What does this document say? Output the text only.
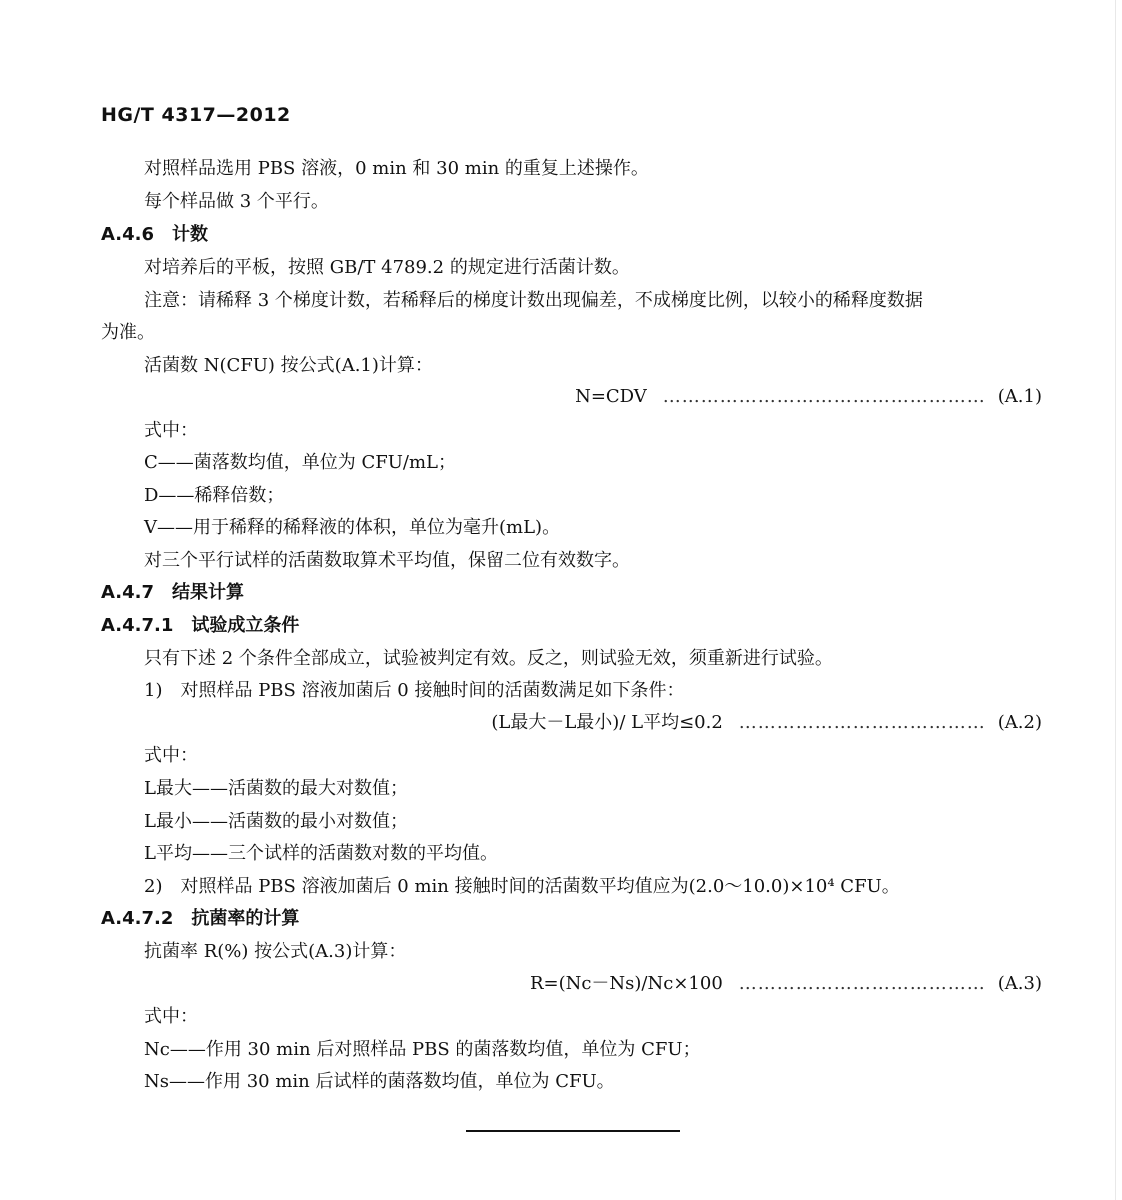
HG/T 4317—2012
对照样品选用 PBS 溶液，0 min 和 30 min 的重复上述操作。
每个样品做 3 个平行。
A.4.6 计数
对培养后的平板，按照 GB/T 4789.2 的规定进行活菌计数。
注意：请稀释 3 个梯度计数，若稀释后的梯度计数出现偏差，不成梯度比例，以较小的稀释度数据
为准。
活菌数 N(CFU) 按公式(A.1)计算：
N=CDV …………………………………………… (A.1)
式中：
C——菌落数均值，单位为 CFU/mL；
D——稀释倍数；
V——用于稀释的稀释液的体积，单位为毫升(mL)。
对三个平行试样的活菌数取算术平均值，保留二位有效数字。
A.4.7 结果计算
A.4.7.1 试验成立条件
只有下述 2 个条件全部成立，试验被判定有效。反之，则试验无效，须重新进行试验。
1)　对照样品 PBS 溶液加菌后 0 接触时间的活菌数满足如下条件：
(L最大－L最小)/ L平均≤0.2 ………………………………… (A.2)
式中：
L最大——活菌数的最大对数值；
L最小——活菌数的最小对数值；
L平均——三个试样的活菌数对数的平均值。
2)　对照样品 PBS 溶液加菌后 0 min 接触时间的活菌数平均值应为(2.0～10.0)×10⁴ CFU。
A.4.7.2 抗菌率的计算
抗菌率 R(%) 按公式(A.3)计算：
R=(Nc－Ns)/Nc×100 ………………………………… (A.3)
式中：
Nc——作用 30 min 后对照样品 PBS 的菌落数均值，单位为 CFU；
Ns——作用 30 min 后试样的菌落数均值，单位为 CFU。
